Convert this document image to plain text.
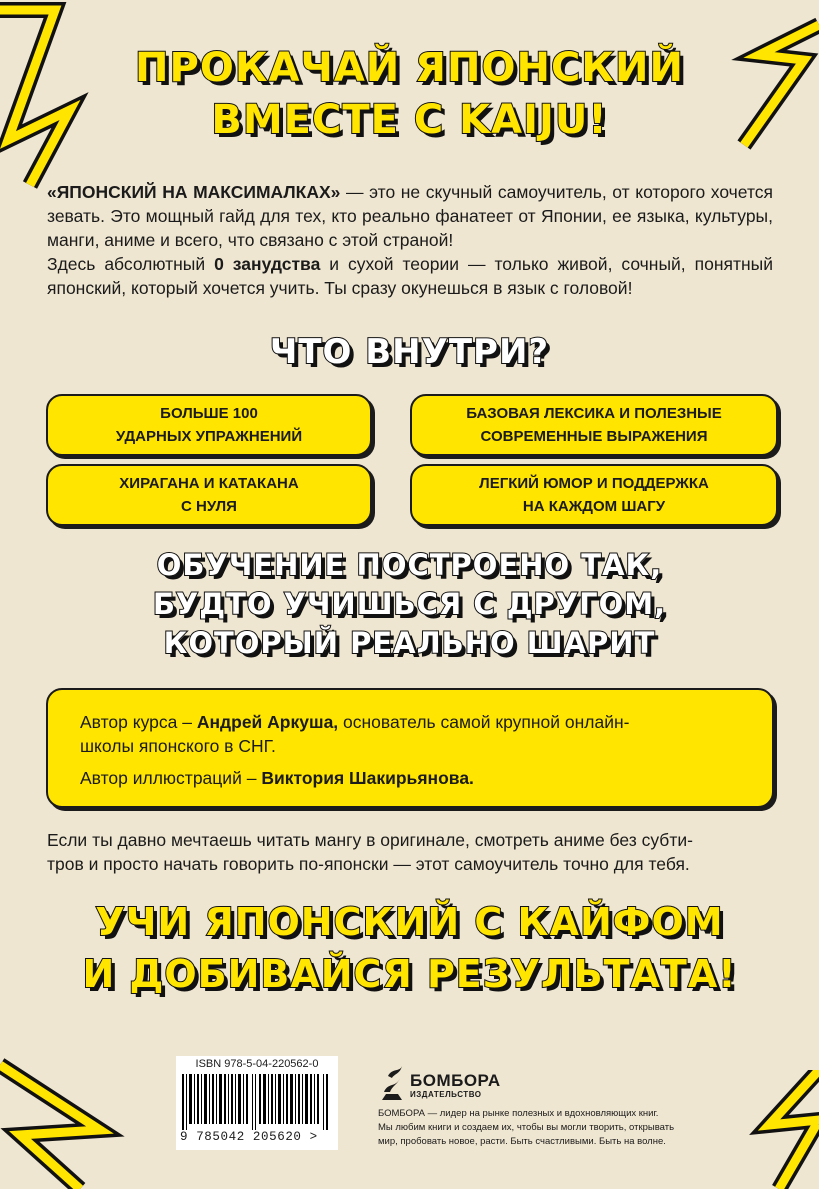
ПРОКАЧАЙ ЯПОНСКИЙ
ВМЕСТЕ С KAIJU!

«ЯПОНСКИЙ НА МАКСИМАЛКАХ» — это не скучный самоучитель, от которого хочется зевать. Это мощный гайд для тех, кто реально фанатеет от Японии, ее языка, культуры, манги, аниме и всего, что связано с этой страной!

Здесь абсолютный 0 занудства и сухой теории — только живой, сочный, понятный японский, который хочется учить. Ты сразу окунешься в язык с головой!

ЧТО ВНУТРИ?
БОЛЬШЕ 100
УДАРНЫХ УПРАЖНЕНИЙ
БАЗОВАЯ ЛЕКСИКА И ПОЛЕЗНЫЕ
СОВРЕМЕННЫЕ ВЫРАЖЕНИЯ
ХИРАГАНА И КАТАКАНА
С НУЛЯ
ЛЕГКИЙ ЮМОР И ПОДДЕРЖКА
НА КАЖДОМ ШАГУ
ОБУЧЕНИЕ ПОСТРОЕНО ТАК,
БУДТО УЧИШЬСЯ С ДРУГОМ,
КОТОРЫЙ РЕАЛЬНО ШАРИТ
Автор курса – Андрей Аркуша, основатель самой крупной онлайн-
школы японского в СНГ.
Автор иллюстраций – Виктория Шакирьянова.
Если ты давно мечтаешь читать мангу в оригинале, смотреть аниме без субти-
тров и просто начать говорить по-японски — этот самоучитель точно для тебя.
УЧИ ЯПОНСКИЙ С КАЙФОМ
И ДОБИВАЙСЯ РЕЗУЛЬТАТА!
ISBN 978-5-04-220562-0
9 785042 205620 >
БОМБОРА
ИЗДАТЕЛЬСТВО
БОМБОРА — лидер на рынке полезных и вдохновляющих книг.
Мы любим книги и создаем их, чтобы вы могли творить, открывать
мир, пробовать новое, расти. Быть счастливыми. Быть на волне.
